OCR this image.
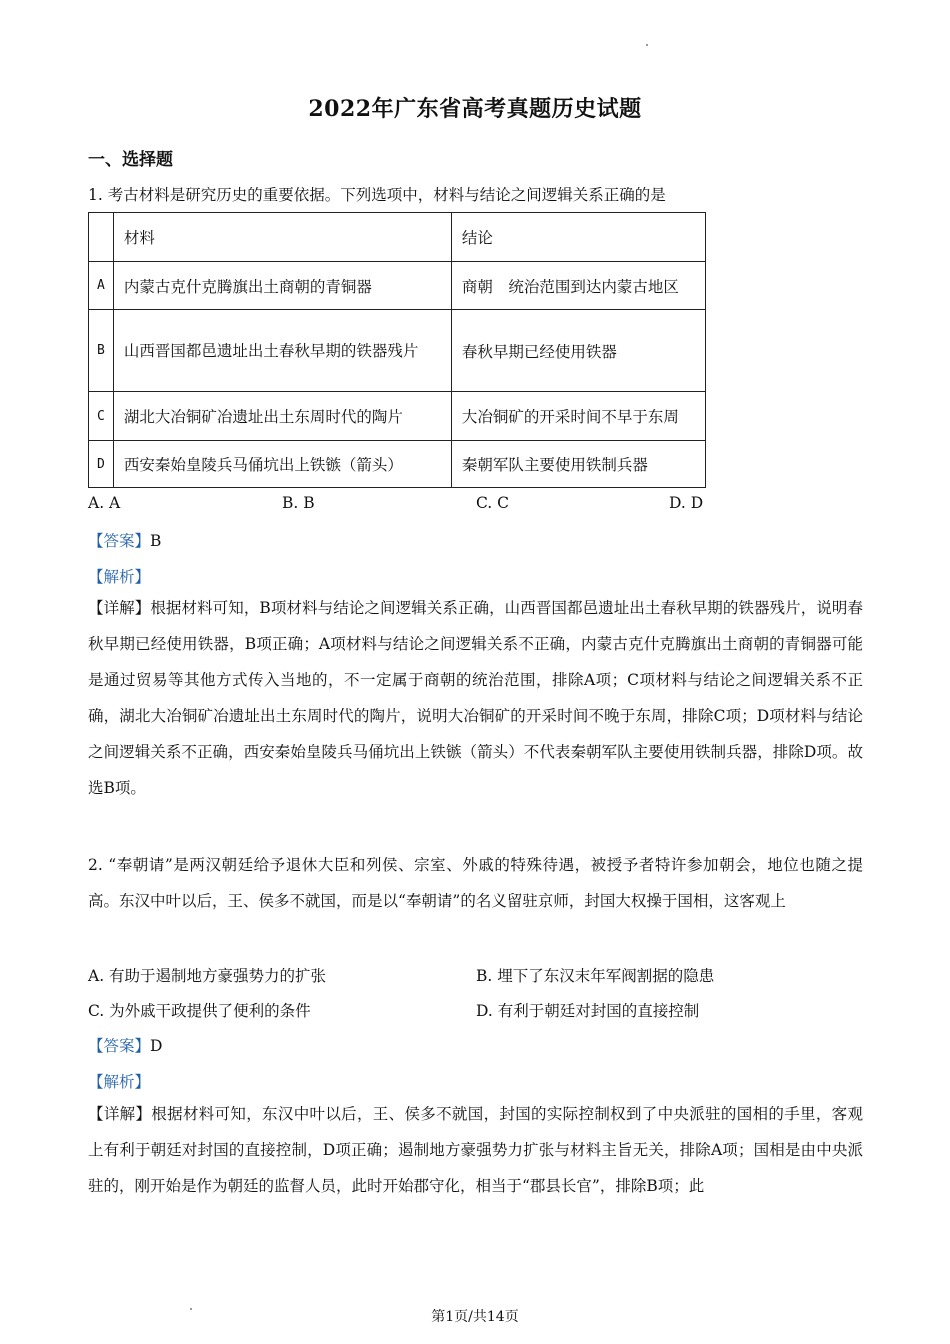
2022年广东省高考真题历史试题
一、选择题
1. 考古材料是研究历史的重要依据。下列选项中，材料与结论之间逻辑关系正确的是
	材料	结论
A	内蒙古克什克腾旗出土商朝的青铜器	商朝　统治范围到达内蒙古地区
B	山西晋国都邑遗址出土春秋早期的铁器残片	春秋早期已经使用铁器
C	湖北大冶铜矿冶遗址出土东周时代的陶片	大冶铜矿的开采时间不早于东周
D	西安秦始皇陵兵马俑坑出上铁镞（箭头）	秦朝军队主要使用铁制兵器
A. A	B. B	C. C	D. D
【答案】B
【解析】
【详解】根据材料可知，B项材料与结论之间逻辑关系正确，山西晋国都邑遗址出土春秋早期的铁器残片，说明春秋早期已经使用铁器，B项正确；A项材料与结论之间逻辑关系不正确，内蒙古克什克腾旗出土商朝的青铜器可能是通过贸易等其他方式传入当地的，不一定属于商朝的统治范围，排除A项；C项材料与结论之间逻辑关系不正确，湖北大冶铜矿冶遗址出土东周时代的陶片，说明大冶铜矿的开采时间不晚于东周，排除C项；D项材料与结论之间逻辑关系不正确，西安秦始皇陵兵马俑坑出上铁镞（箭头）不代表秦朝军队主要使用铁制兵器，排除D项。故选B项。
2. “奉朝请”是两汉朝廷给予退休大臣和列侯、宗室、外戚的特殊待遇，被授予者特许参加朝会，地位也随之提高。东汉中叶以后，王、侯多不就国，而是以“奉朝请”的名义留驻京师，封国大权操于国相，这客观上
A. 有助于遏制地方豪强势力的扩张	B. 埋下了东汉末年军阀割据的隐患
C. 为外戚干政提供了便利的条件	D. 有利于朝廷对封国的直接控制
【答案】D
【解析】
【详解】根据材料可知，东汉中叶以后，王、侯多不就国，封国的实际控制权到了中央派驻的国相的手里，客观上有利于朝廷对封国的直接控制，D项正确；遏制地方豪强势力扩张与材料主旨无关，排除A项；国相是由中央派驻的，刚开始是作为朝廷的监督人员，此时开始郡守化，相当于“郡县长官”，排除B项；此
第1页/共14页
